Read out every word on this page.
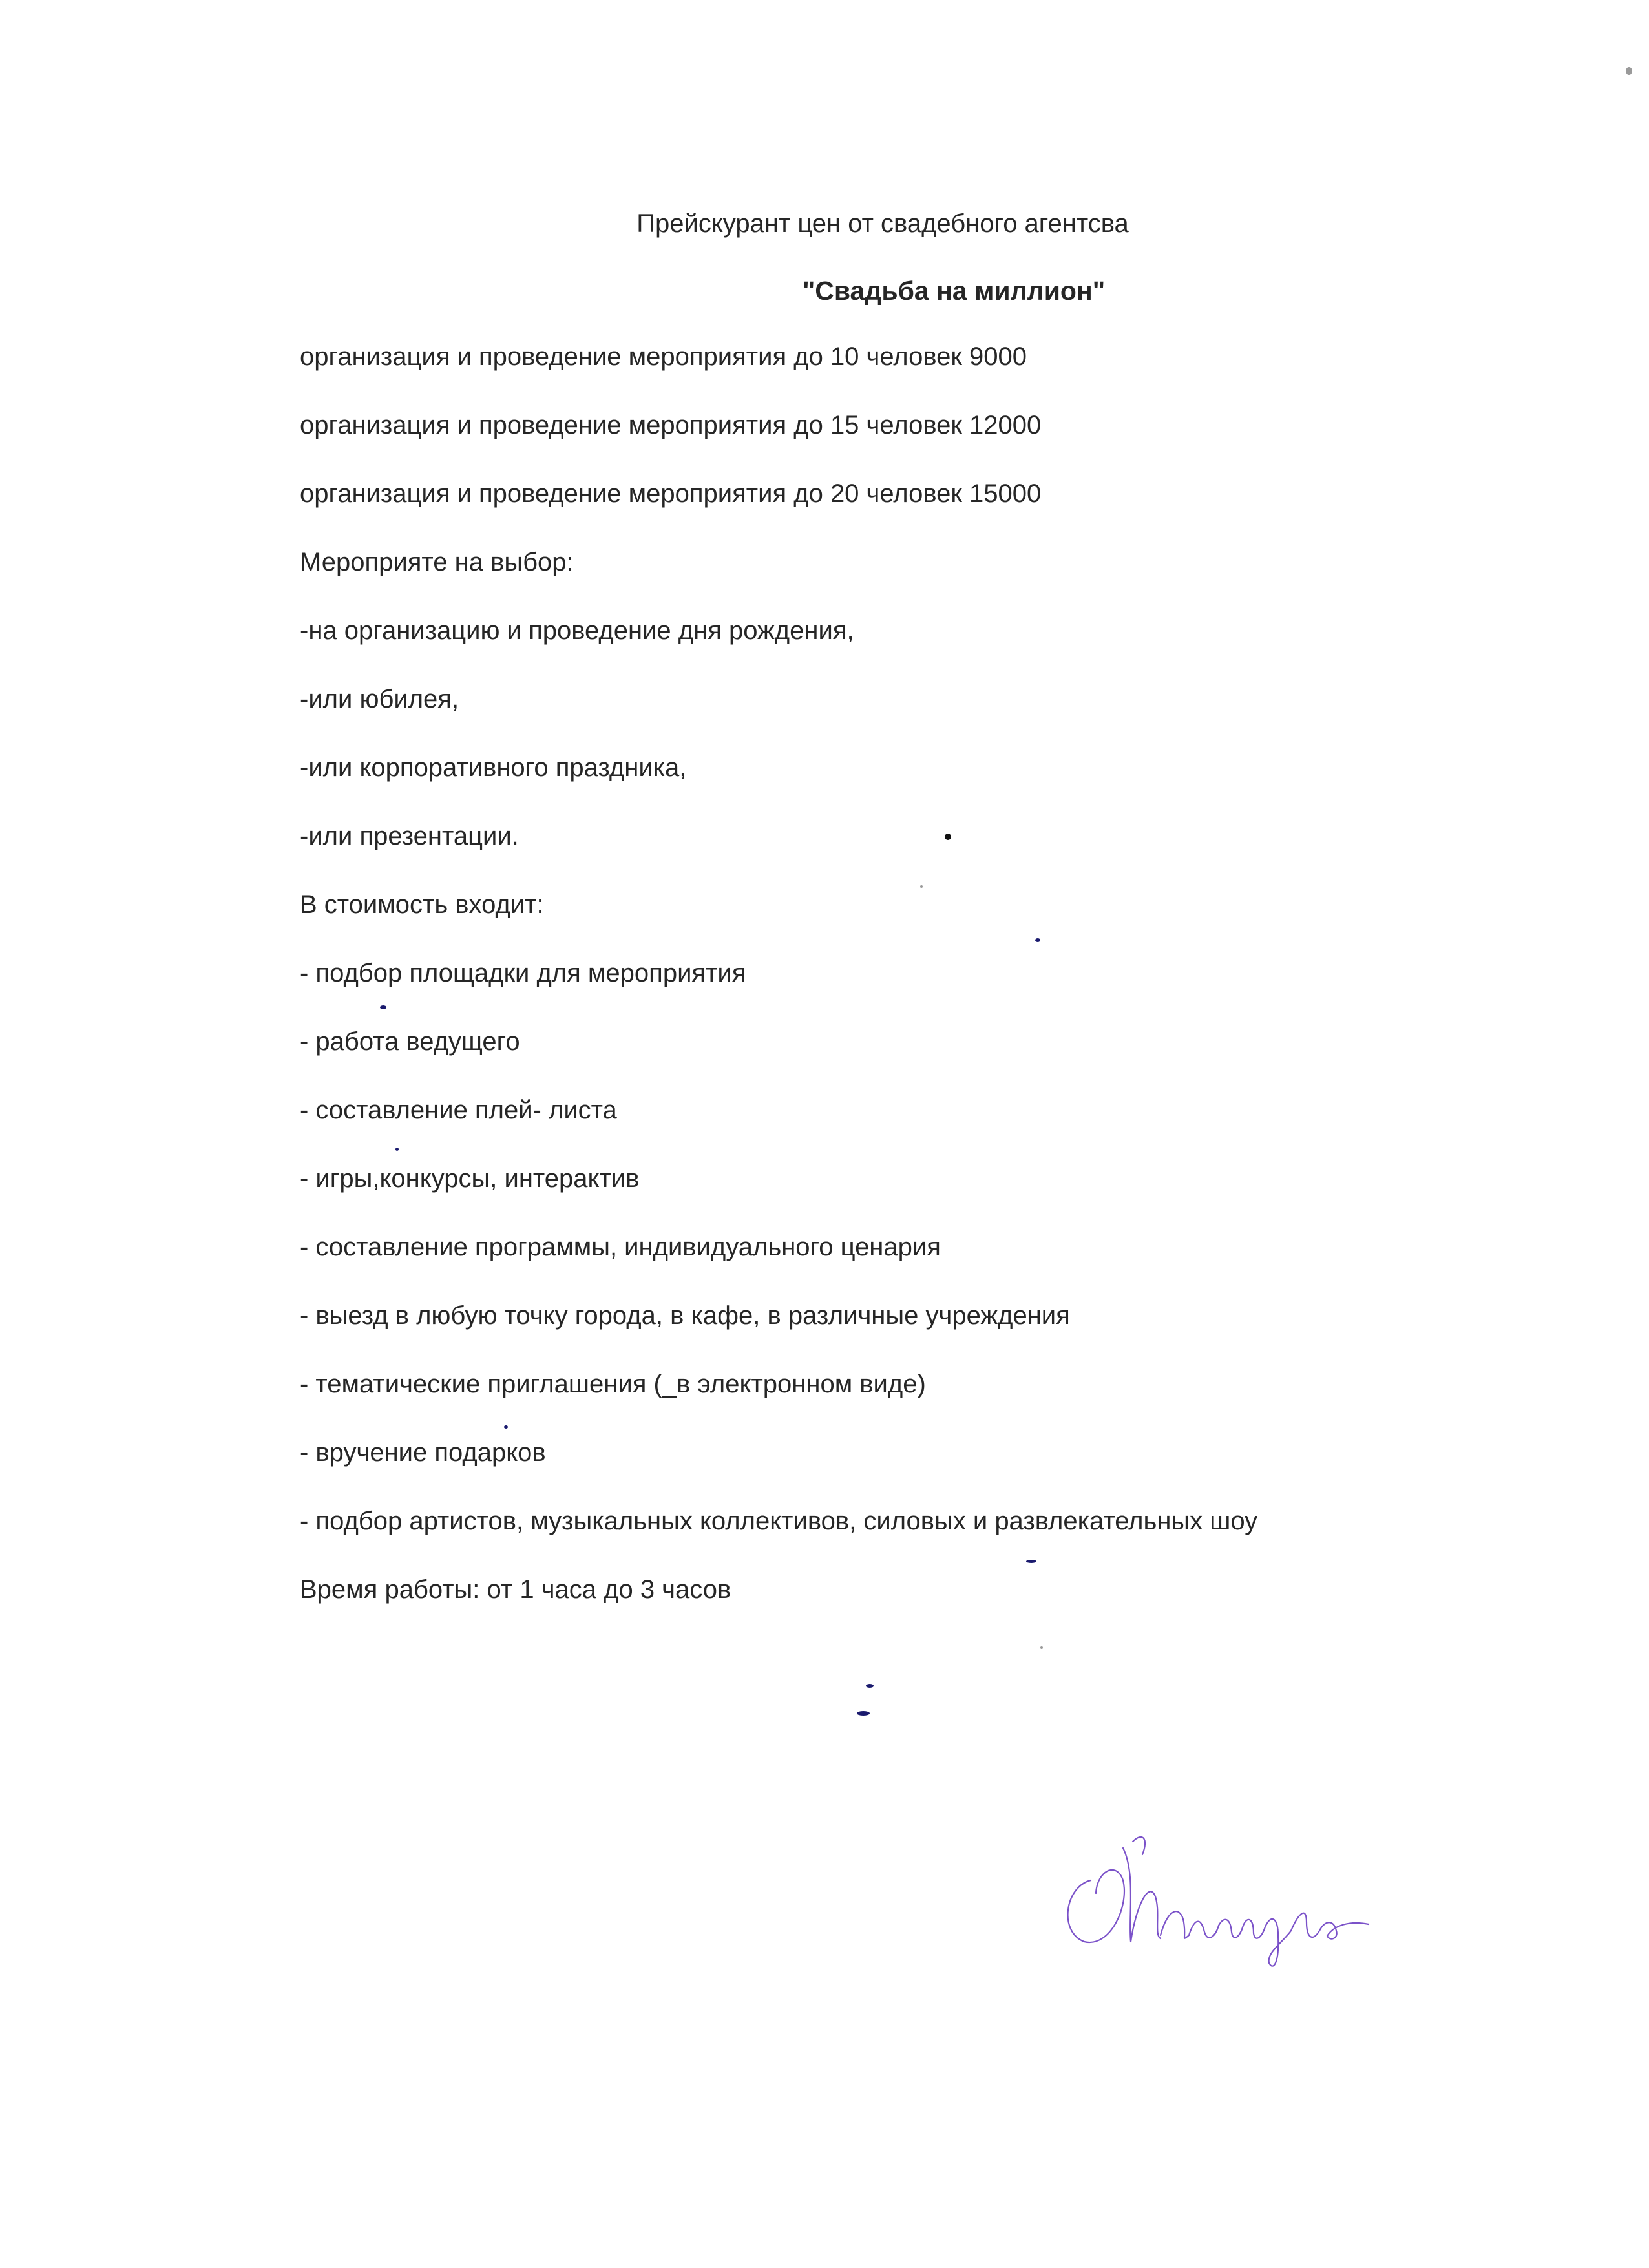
Прейскурант цен от свадебного агентсва
"Свадьба на миллион"
организация и проведение мероприятия до 10 человек 9000
организация и проведение мероприятия до 15 человек 12000
организация и проведение мероприятия до 20 человек 15000
Мероприяте на выбор:
-на организацию и проведение дня рождения,
-или юбилея,
-или корпоративного праздника,
-или презентации.
В стоимость входит:
- подбор площадки для мероприятия
- работа ведущего
- составление плей- листа
- игры,конкурсы, интерактив
- составление программы, индивидуального ценария
- выезд в любую точку города, в кафе, в различные учреждения
- тематические приглашения (_в электронном виде)
- вручение подарков
- подбор артистов, музыкальных коллективов, силовых и развлекательных шоу
Время работы: от 1 часа до 3 часов
